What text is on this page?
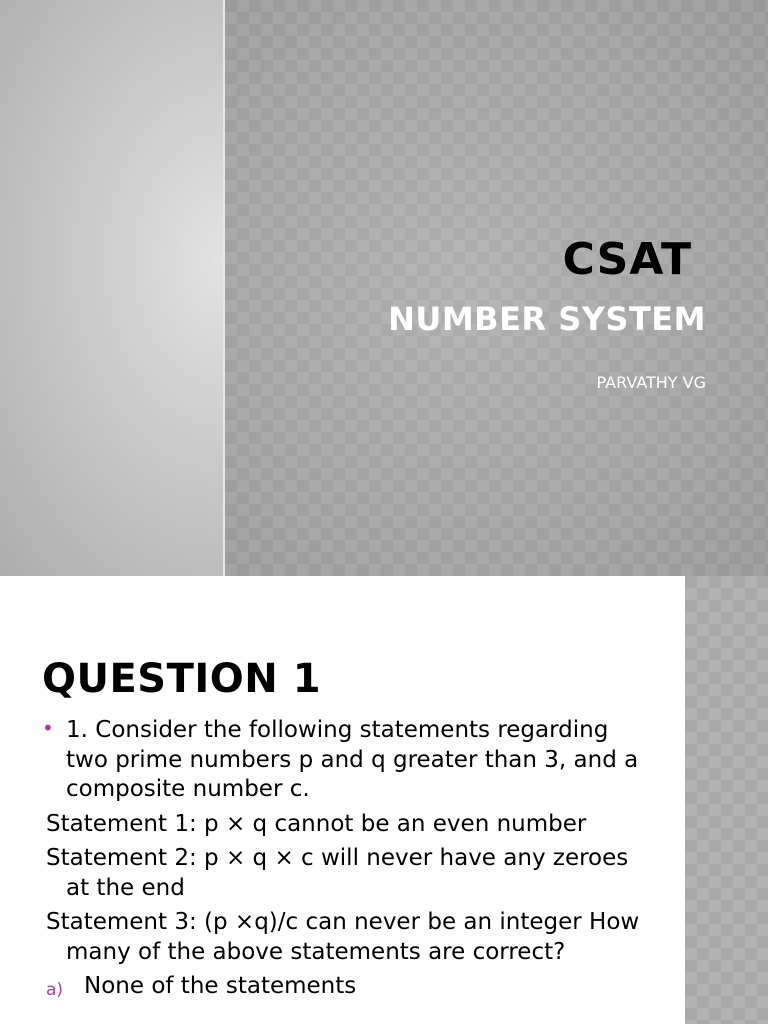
CSAT
NUMBER SYSTEM

PARVATHY VG

QUESTION 1
• 1. Consider the following statements regarding two prime numbers p and q greater than 3, and a composite number c.
Statement 1: p × q cannot be an even number
Statement 2: p × q × c will never have any zeroes at the end
Statement 3: (p ×q)/c can never be an integer How many of the above statements are correct?
a) None of the statements
